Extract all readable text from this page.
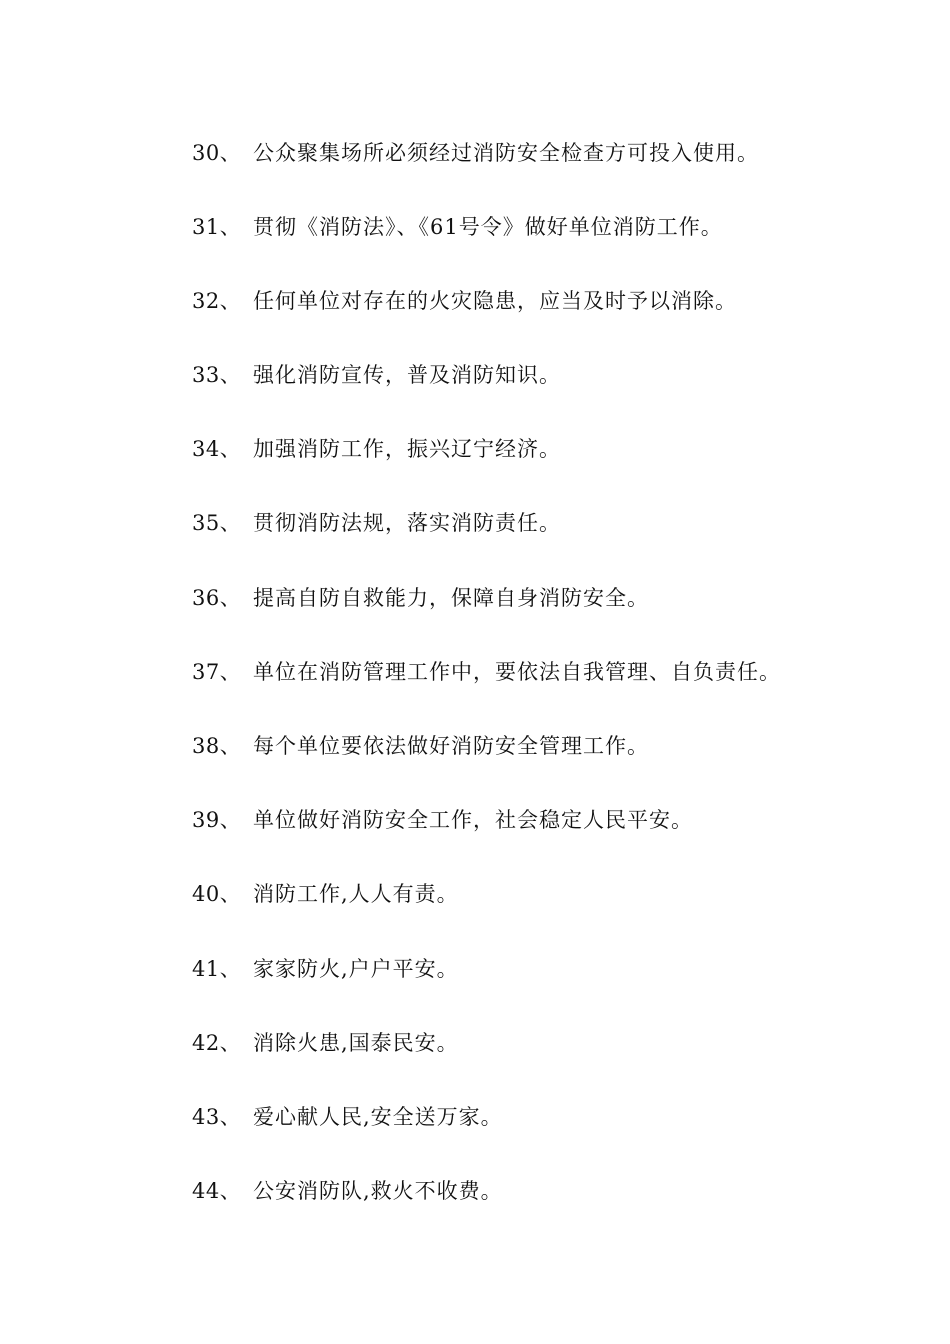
30、 公众聚集场所必须经过消防安全检查方可投入使用。
31、 贯彻《消防法》、《61号令》做好单位消防工作。
32、 任何单位对存在的火灾隐患，应当及时予以消除。
33、 强化消防宣传，普及消防知识。
34、 加强消防工作，振兴辽宁经济。
35、 贯彻消防法规，落实消防责任。
36、 提高自防自救能力，保障自身消防安全。
37、 单位在消防管理工作中，要依法自我管理、自负责任。
38、 每个单位要依法做好消防安全管理工作。
39、 单位做好消防安全工作，社会稳定人民平安。
40、 消防工作,人人有责。
41、 家家防火,户户平安。
42、 消除火患,国泰民安。
43、 爱心献人民,安全送万家。
44、 公安消防队,救火不收费。
